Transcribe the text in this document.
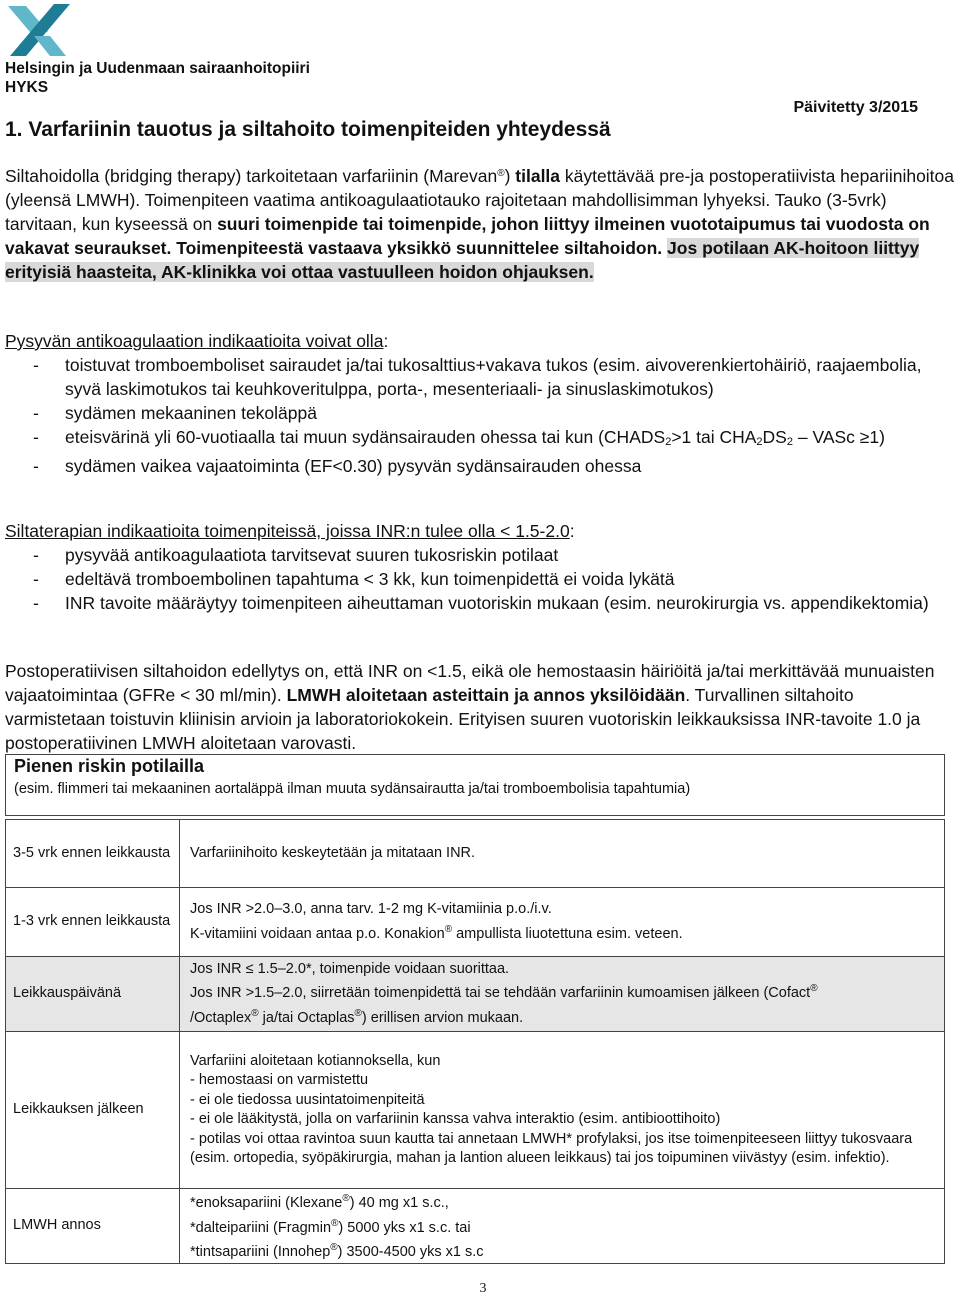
Helsingin ja Uudenmaan sairaanhoitopiiri
HYKS
Päivitetty 3/2015
1. Varfariinin tauotus ja siltahoito toimenpiteiden yhteydessä

Siltahoidolla (bridging therapy) tarkoitetaan varfariinin (Marevan®) tilalla käytettävää pre-ja postoperatiivista hepariinihoitoa (yleensä LMWH). Toimenpiteen vaatima antikoagulaatiotauko rajoitetaan mahdollisimman lyhyeksi. Tauko (3-5vrk) tarvitaan, kun kyseessä on suuri toimenpide tai toimenpide, johon liittyy ilmeinen vuototaipumus tai vuodosta on vakavat seuraukset. Toimenpiteestä vastaava yksikkö suunnittelee siltahoidon. Jos potilaan AK-hoitoon liittyy erityisiä haasteita, AK-klinikka voi ottaa vastuulleen hoidon ohjauksen.

Pysyvän antikoagulaation indikaatioita voivat olla:
- toistuvat tromboemboliset sairaudet ja/tai tukosalttius+vakava tukos (esim. aivoverenkiertohäiriö, raajaembolia, syvä laskimotukos tai keuhkoveritulppa, porta-, mesenteriaali- ja sinuslaskimotukos)
- sydämen mekaaninen tekoläppä
- eteisvärinä yli 60-vuotiaalla tai muun sydänsairauden ohessa tai kun ($CHADS_2>1$ tai $CHA_2DS_2$ – VASc ≥1)
- sydämen vaikea vajaatoiminta (EF<0.30) pysyvän sydänsairauden ohessa
Siltaterapian indikaatioita toimenpiteissä, joissa INR:n tulee olla < 1.5-2.0:
- pysyvää antikoagulaatiota tarvitsevat suuren tukosriskin potilaat
- edeltävä tromboembolinen tapahtuma < 3 kk, kun toimenpidettä ei voida lykätä
- INR tavoite määräytyy toimenpiteen aiheuttaman vuotoriskin mukaan (esim. neurokirurgia vs. appendikektomia)

Postoperatiivisen siltahoidon edellytys on, että INR on <1.5, eikä ole hemostaasin häiriöitä ja/tai merkittävää munuaisten vajaatoimintaa (GFRe < 30 ml/min). LMWH aloitetaan asteittain ja annos yksilöidään. Turvallinen siltahoito varmistetaan toistuvin kliinisin arvioin ja laboratoriokokein. Erityisen suuren vuotoriskin leikkauksissa INR-tavoite 1.0 ja postoperatiivinen LMWH aloitetaan varovasti.

Pienen riskin potilailla
(esim. flimmeri tai mekaaninen aortaläppä ilman muuta sydänsairautta ja/tai tromboembolisia tapahtumia)
3-5 vrk ennen leikkausta	Varfariinihoito keskeytetään ja mitataan INR.
1-3 vrk ennen leikkausta	Jos INR >2.0–3.0, anna tarv. 1-2 mg K-vitamiinia p.o./i.v.
K-vitamiini voidaan antaa p.o. Konakion® ampullista liuotettuna esim. veteen.

Leikkauspäivänä	Jos INR ≤ 1.5–2.0*, toimenpide voidaan suorittaa.
Jos INR >1.5–2.0, siirretään toimenpidettä tai se tehdään varfariinin kumoamisen jälkeen (Cofact®
/Octaplex® ja/tai Octaplas®) erillisen arvion mukaan.

Leikkauksen jälkeen	Varfariini aloitetaan kotiannoksella, kun
- hemostaasi on varmistettu
- ei ole tiedossa uusintatoimenpiteitä
- ei ole lääkitystä, jolla on varfariinin kanssa vahva interaktio (esim. antibioottihoito)
- potilas voi ottaa ravintoa suun kautta tai annetaan LMWH* profylaksi, jos itse toimenpiteeseen liittyy tukosvaara (esim. ortopedia, syöpäkirurgia, mahan ja lantion alueen leikkaus) tai jos toipuminen viivästyy (esim. infektio).

LMWH annos	*enoksapariini (Klexane®) 40 mg x1 s.c.,
*dalteipariini (Fragmin®) 5000 yks x1 s.c. tai
*tintsapariini (Innohep®) 3500-4500 yks x1 s.c
3
